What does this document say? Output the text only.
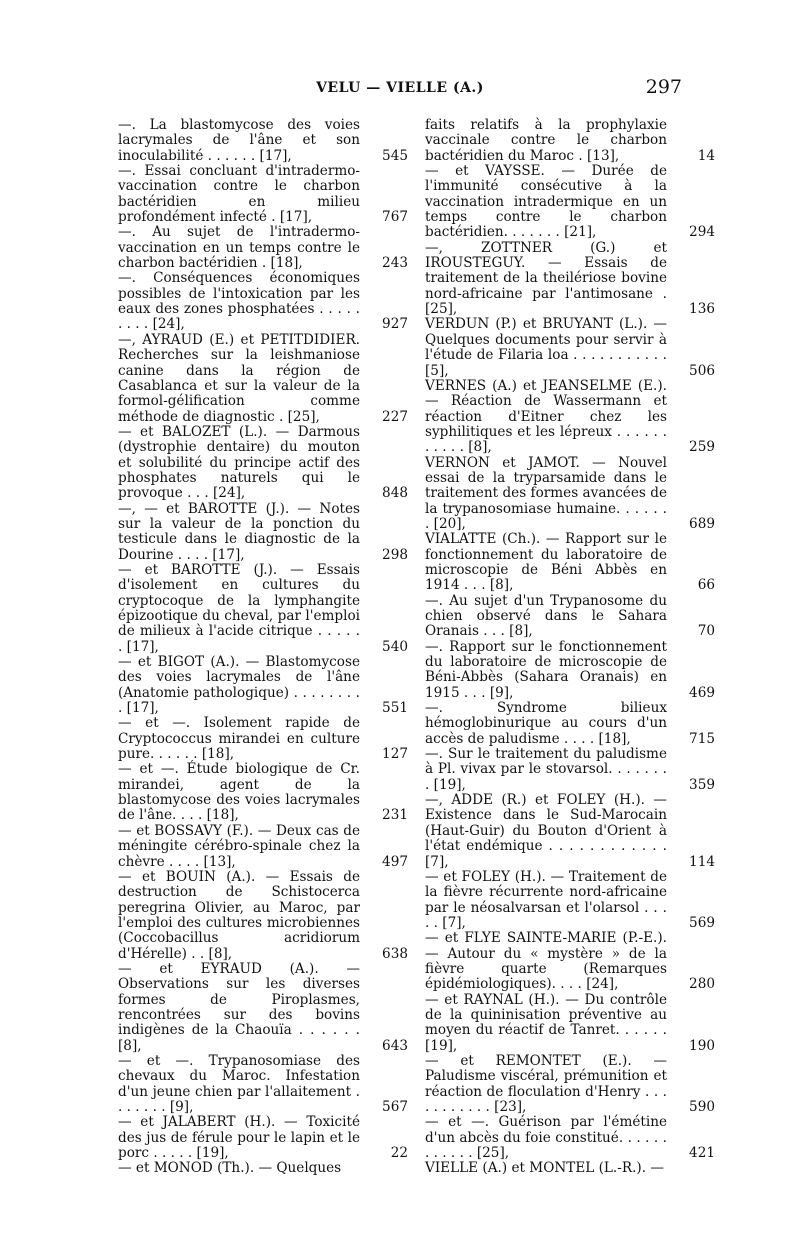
VELU — VIELLE (A.)	297
—. La blastomycose des voies lacrymales de l'âne et son inoculabilité . . . . . . [17],	545
—. Essai concluant d'intradermo-vaccination contre le charbon bactéridien en milieu profondément infecté . [17],	767
—. Au sujet de l'intradermo-vaccination en un temps contre le charbon bactéridien . [18],	243
—. Conséquences économiques possibles de l'intoxication par les eaux des zones phosphatées . . . . . . . . . [24],	927
—, AYRAUD (E.) et PETITDIDIER. Recherches sur la leishmaniose canine dans la région de Casablanca et sur la valeur de la formol-gélification comme méthode de diagnostic . [25],	227
— et BALOZET (L.). — Darmous (dystrophie dentaire) du mouton et solubilité du principe actif des phosphates naturels qui le provoque . . . [24],	848
—, — et BAROTTE (J.). — Notes sur la valeur de la ponction du testicule dans le diagnostic de la Dourine . . . . [17],	298
— et BAROTTE (J.). — Essais d'isolement en cultures du cryptocoque de la lymphangite épizootique du cheval, par l'emploi de milieux à l'acide citrique . . . . . . [17],	540
— et BIGOT (A.). — Blastomycose des voies lacrymales de l'âne (Anatomie pathologique) . . . . . . . . . [17],	551
— et —. Isolement rapide de Cryptococcus mirandei en culture pure. . . . . . [18],	127
— et —. Étude biologique de Cr. mirandei, agent de la blastomycose des voies lacrymales de l'âne. . . . [18],	231
— et BOSSAVY (F.). — Deux cas de méningite cérébro-spinale chez la chèvre . . . . [13],	497
— et BOUIN (A.). — Essais de destruction de Schistocerca peregrina Olivier, au Maroc, par l'emploi des cultures microbiennes (Coccobacillus acridiorum d'Hérelle) . . [8],	638
— et EYRAUD (A.). — Observations sur les diverses formes de Piroplasmes, rencontrées sur des bovins indigènes de la Chaouïa . . . . . . [8],	643
— et —. Trypanosomiase des chevaux du Maroc. Infestation d'un jeune chien par l'allaitement . . . . . . . [9],	567
— et JALABERT (H.). — Toxicité des jus de férule pour le lapin et le porc . . . . . [19],	22
— et MONOD (Th.). — Quelques
faits relatifs à la prophylaxie vaccinale contre le charbon bactéridien du Maroc . [13],	14
— et VAYSSE. — Durée de l'immunité consécutive à la vaccination intradermique en un temps contre le charbon bactéridien. . . . . . . [21],	294
—, ZOTTNER (G.) et IROUSTEGUY. — Essais de traitement de la theilériose bovine nord-africaine par l'antimosane . [25],	136
VERDUN (P.) et BRUYANT (L.). — Quelques documents pour servir à l'étude de Filaria loa . . . . . . . . . . . [5],	506
VERNES (A.) et JEANSELME (E.). — Réaction de Wassermann et réaction d'Eitner chez les syphilitiques et les lépreux . . . . . . . . . . . [8],	259
VERNON et JAMOT. — Nouvel essai de la tryparsamide dans le traitement des formes avancées de la trypanosomiase humaine. . . . . . . [20],	689
VIALATTE (Ch.). — Rapport sur le fonctionnement du laboratoire de microscopie de Béni Abbès en 1914 . . . [8],	66
—. Au sujet d'un Trypanosome du chien observé dans le Sahara Oranais . . . [8],	70
—. Rapport sur le fonctionnement du laboratoire de microscopie de Béni-Abbès (Sahara Oranais) en 1915 . . . [9],	469
—. Syndrome bilieux hémoglobinurique au cours d'un accès de paludisme . . . . [18],	715
—. Sur le traitement du paludisme à Pl. vivax par le stovarsol. . . . . . . . [19],	359
—, ADDE (R.) et FOLEY (H.). — Existence dans le Sud-Marocain (Haut-Guir) du Bouton d'Orient à l'état endémique . . . . . . . . . . . . [7],	114
— et FOLEY (H.). — Traitement de la fièvre récurrente nord-africaine par le néosalvarsan et l'olarsol . . . . . [7],	569
— et FLYE SAINTE-MARIE (P.-E.). — Autour du « mystère » de la fièvre quarte (Remarques épidémiologiques). . . . [24],	280
— et RAYNAL (H.). — Du contrôle de la quininisation préventive au moyen du réactif de Tanret. . . . . . [19],	190
— et REMONTET (E.). — Paludisme viscéral, prémunition et réaction de floculation d'Henry . . . . . . . . . . . [23],	590
— et —. Guérison par l'émétine d'un abcès du foie constitué. . . . . . . . . . . . [25],	421
VIELLE (A.) et MONTEL (L.-R.). —
